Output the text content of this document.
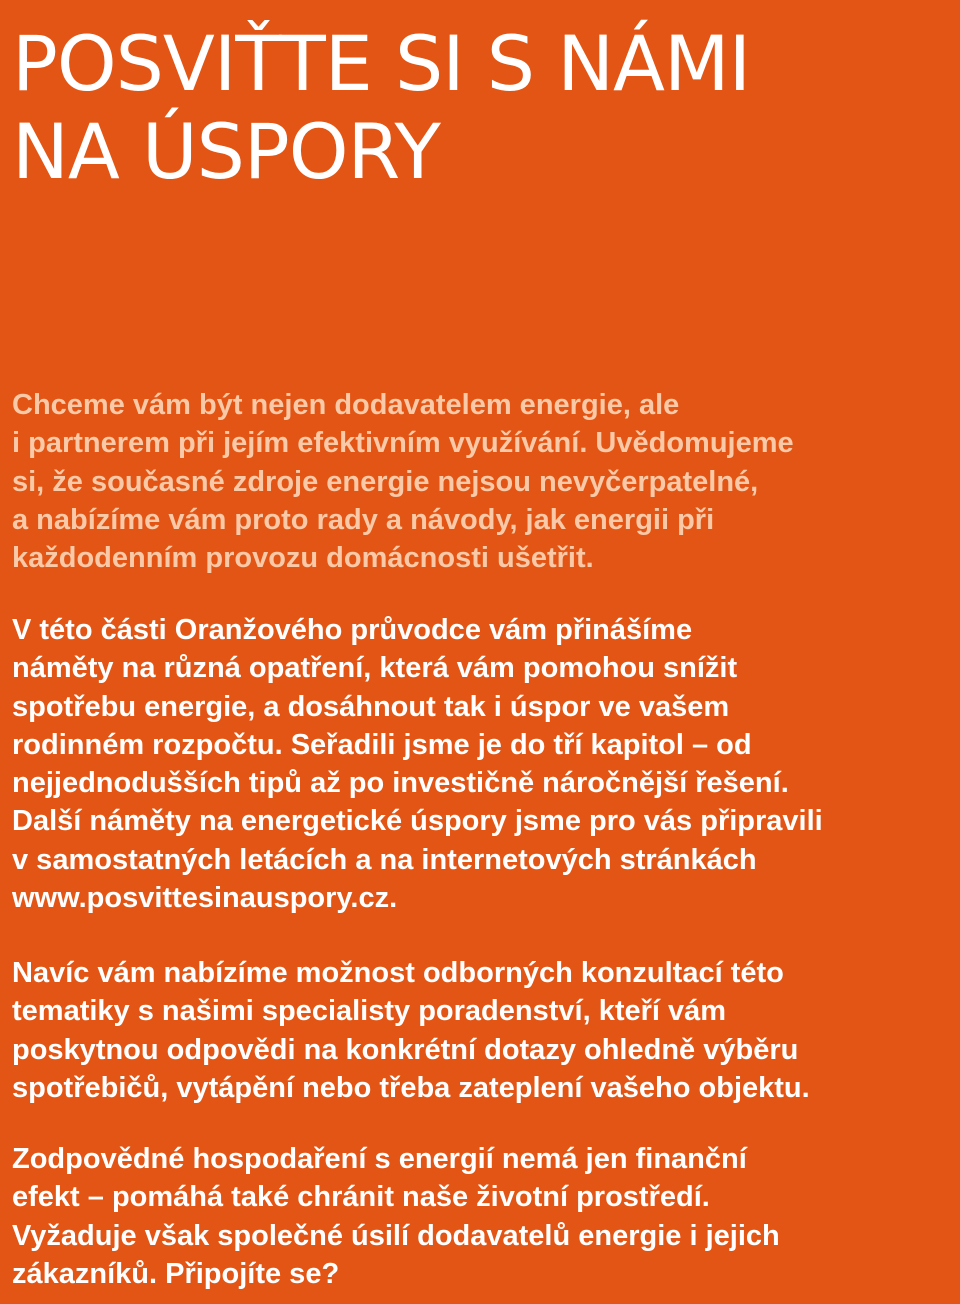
POSVIŤTE SI S NÁMI
NA ÚSPORY

Chceme vám být nejen dodavatelem energie, ale
i partnerem při jejím efektivním využívání. Uvědomujeme
si, že současné zdroje energie nejsou nevyčerpatelné,
a nabízíme vám proto rady a návody, jak energii při
každodenním provozu domácnosti ušetřit.

V této části Oranžového průvodce vám přinášíme
náměty na různá opatření, která vám pomohou snížit
spotřebu energie, a dosáhnout tak i úspor ve vašem
rodinném rozpočtu. Seřadili jsme je do tří kapitol – od
nejjednodušších tipů až po investičně náročnější řešení.
Další náměty na energetické úspory jsme pro vás připravili
v samostatných letácích a na internetových stránkách
www.posvittesinauspory.cz.

Navíc vám nabízíme možnost odborných konzultací této
tematiky s našimi specialisty poradenství, kteří vám
poskytnou odpovědi na konkrétní dotazy ohledně výběru
spotřebičů, vytápění nebo třeba zateplení vašeho objektu.

Zodpovědné hospodaření s energií nemá jen finanční
efekt – pomáhá také chránit naše životní prostředí.
Vyžaduje však společné úsilí dodavatelů energie i jejich
zákazníků. Připojíte se?
